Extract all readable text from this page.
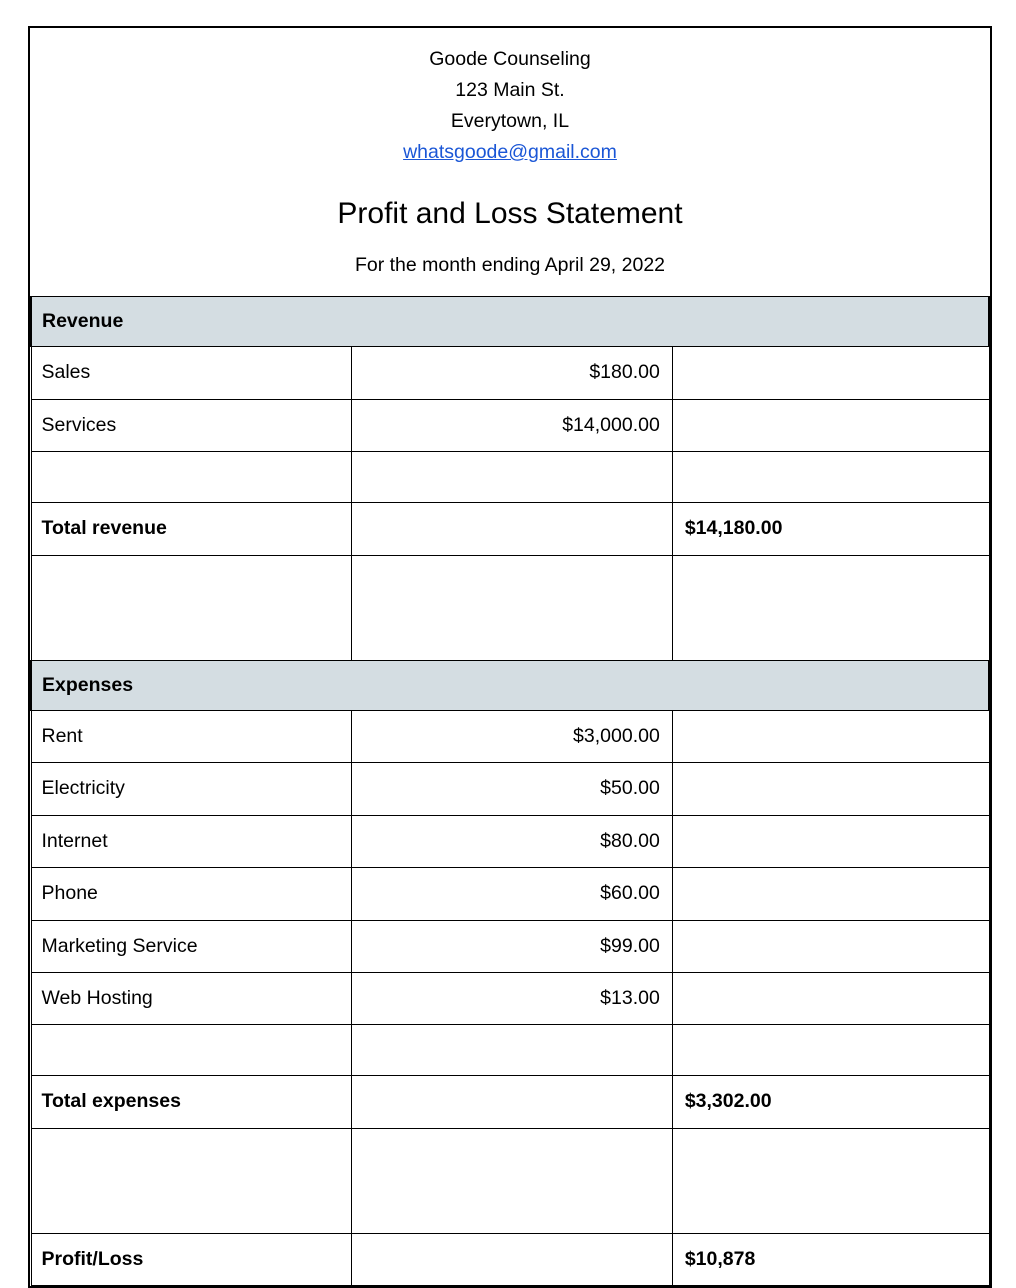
Goode Counseling
123 Main St.
Everytown, IL
whatsgoode@gmail.com
Profit and Loss Statement
For the month ending April 29, 2022

Revenue		
Sales	$180.00	
Services	$14,000.00	

Total revenue		$14,180.00

Expenses		
Rent	$3,000.00	
Electricity	$50.00	
Internet	$80.00	
Phone	$60.00	
Marketing Service	$99.00	
Web Hosting	$13.00	

Total expenses		$3,302.00

Profit/Loss		$10,878
